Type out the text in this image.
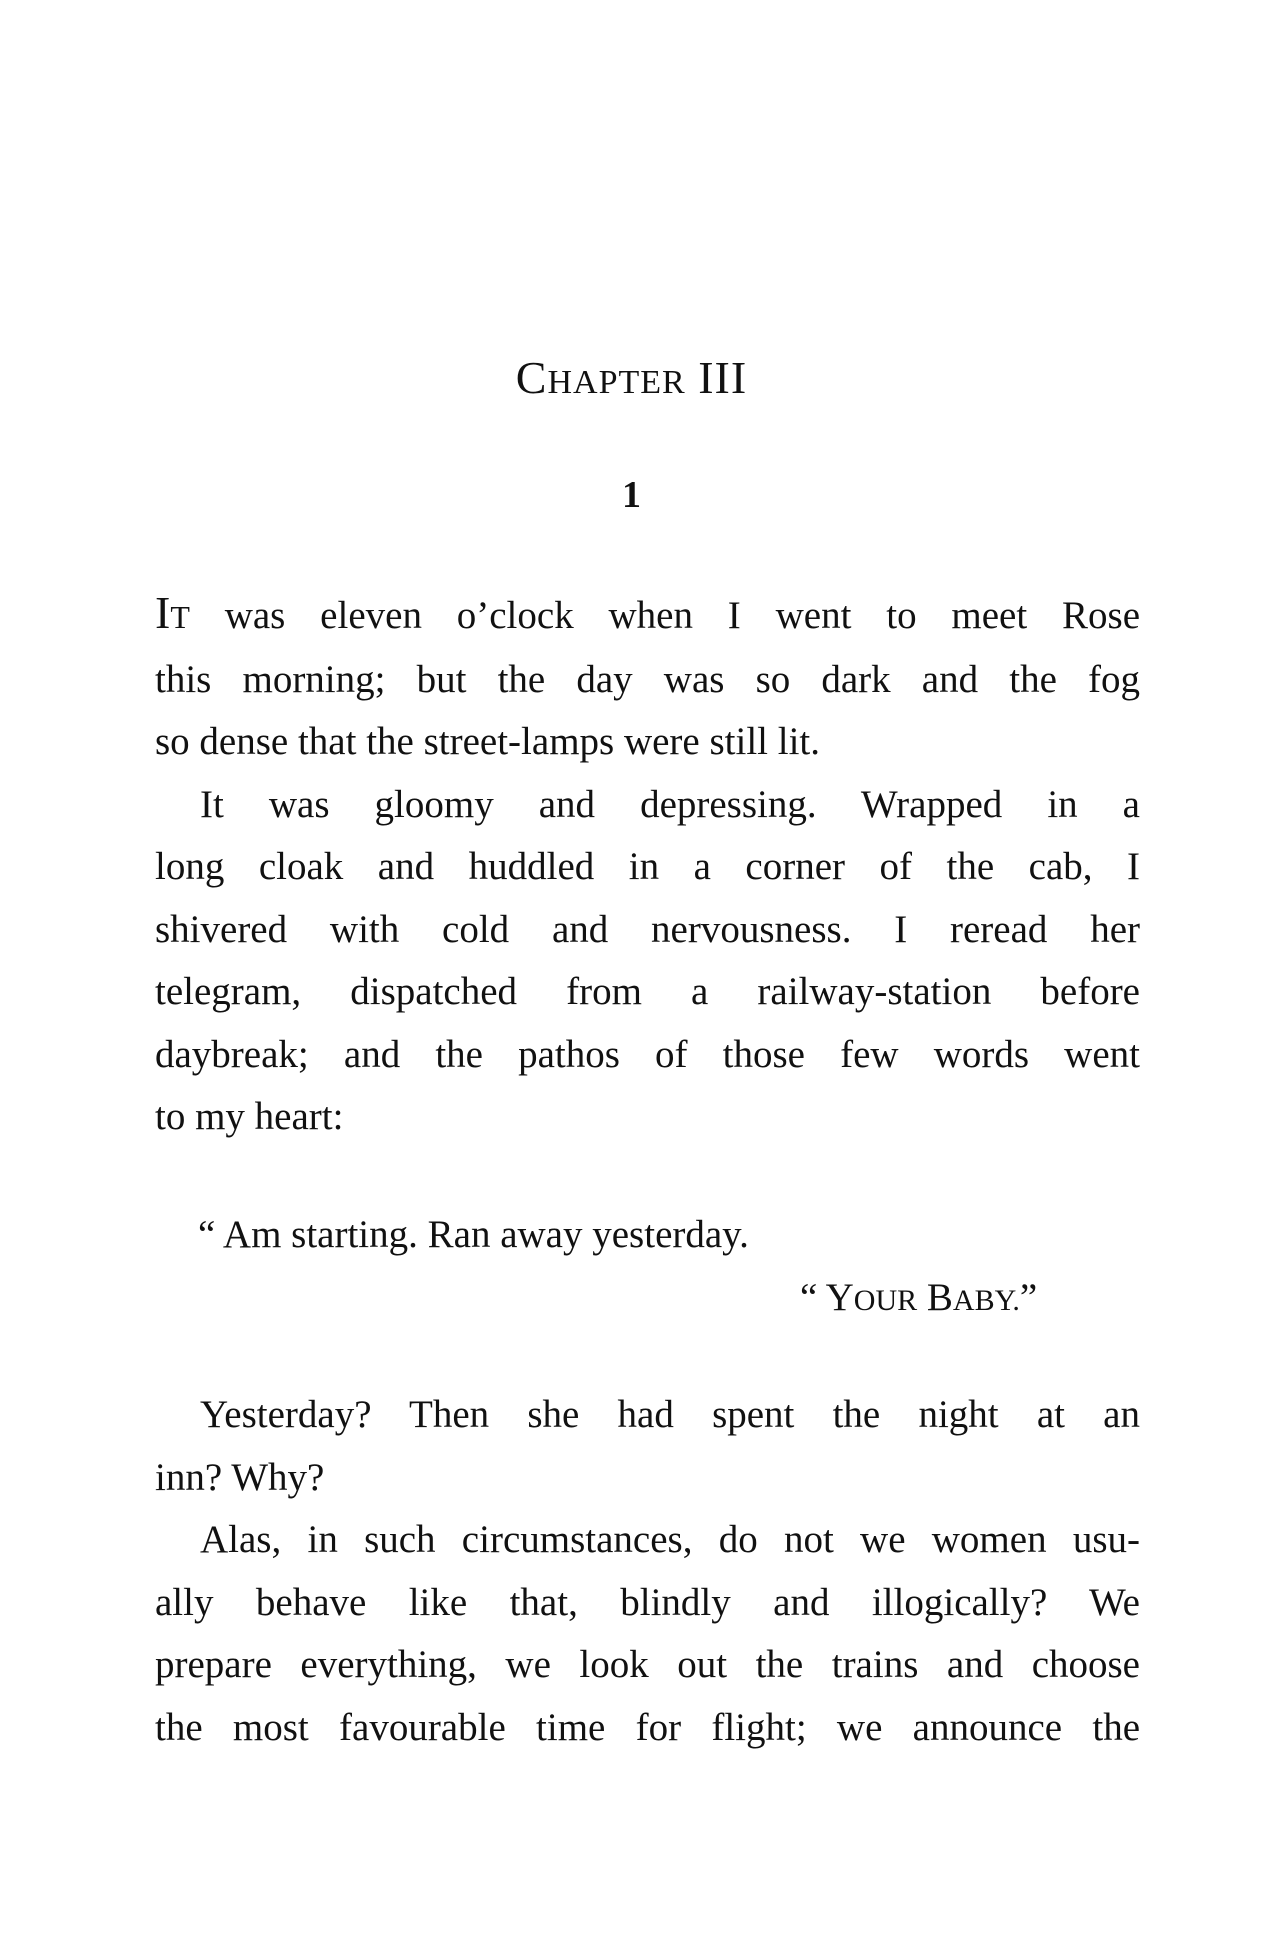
CHAPTER III
1
IT was eleven o’clock when I went to meet Rose
this morning; but the day was so dark and the fog
so dense that the street-lamps were still lit.
It was gloomy and depressing. Wrapped in a
long cloak and huddled in a corner of the cab, I
shivered with cold and nervousness. I reread her
telegram, dispatched from a railway-station before
daybreak; and the pathos of those few words went
to my heart:
“ Am starting. Ran away yesterday.
“ YOUR BABY.”
Yesterday? Then she had spent the night at an
inn? Why?
Alas, in such circumstances, do not we women usu-
ally behave like that, blindly and illogically? We
prepare everything, we look out the trains and choose
the most favourable time for flight; we announce the
